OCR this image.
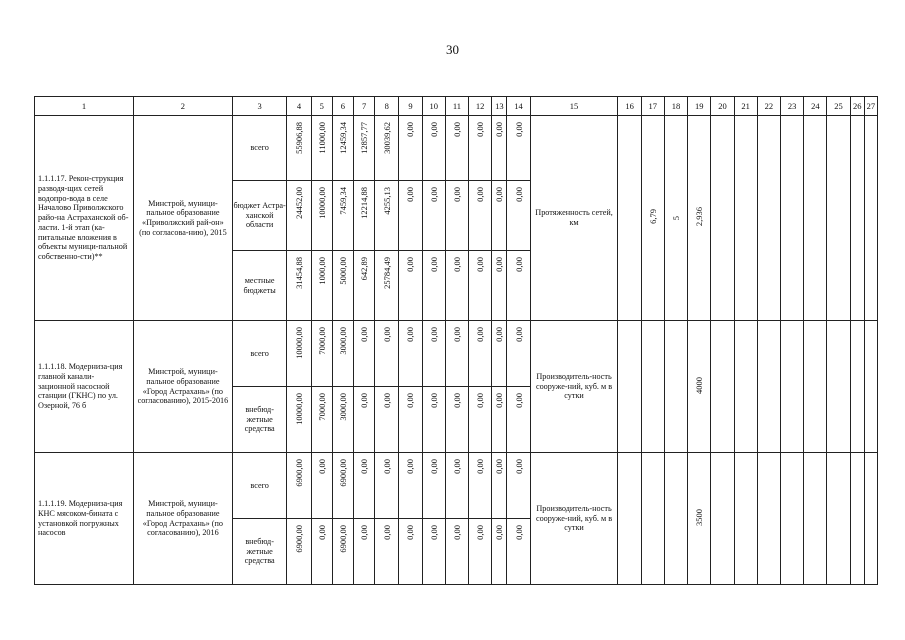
30
1	2	3	4	5	6	7	8	9	10	11	12	13	14	15	16	17	18	19	20	21	22	23	24	25	26	27
1.1.1.17. Рекон-струкция разводя-щих сетей водопро-вода в селе Началово Приволжского райо-на Астраханской об-ласти. 1-й этап (ка-питальные вложения в объекты муници-пальной собственно-сти)**	Минстрой, муници-пальное образование «Приволжский рай-он» (по согласова-нию), 2015	всего	55906,88	11000,00	12459,34	12857,77	30039,62	0,00	0,00	0,00	0,00	0,00	0,00	Протяженность сетей, км		6,79	5	2,936								
		бюджет Астра-ханской области	24452,00	10000,00	7459,34	12214,88	4255,13	0,00	0,00	0,00	0,00	0,00	0,00													
		местные бюджеты	31454,88	1000,00	5000,00	642,89	25784,49	0,00	0,00	0,00	0,00	0,00	0,00													
1.1.1.18. Модерниза-ция главной канали-зационной насосной станции (ГКНС) по ул. Озерной, 76 б	Минстрой, муници-пальное образование «Город Астрахань» (по согласованию), 2015-2016	всего	10000,00	7000,00	3000,00	0,00	0,00	0,00	0,00	0,00	0,00	0,00	0,00	Производитель-ность сооруже-ний, куб. м в сутки				4000								
		внебюд-жетные средства	10000,00	7000,00	3000,00	0,00	0,00	0,00	0,00	0,00	0,00	0,00	0,00													
1.1.1.19. Модерниза-ция КНС мясоком-бината с установкой погружных насосов	Минстрой, муници-пальное образование «Город Астрахань» (по согласованию), 2016	всего	6900,00	0,00	6900,00	0,00	0,00	0,00	0,00	0,00	0,00	0,00	0,00	Производитель-ность сооруже-ний, куб. м в сутки				3500								
		внебюд-жетные средства	6900,00	0,00	6900,00	0,00	0,00	0,00	0,00	0,00	0,00	0,00	0,00													
